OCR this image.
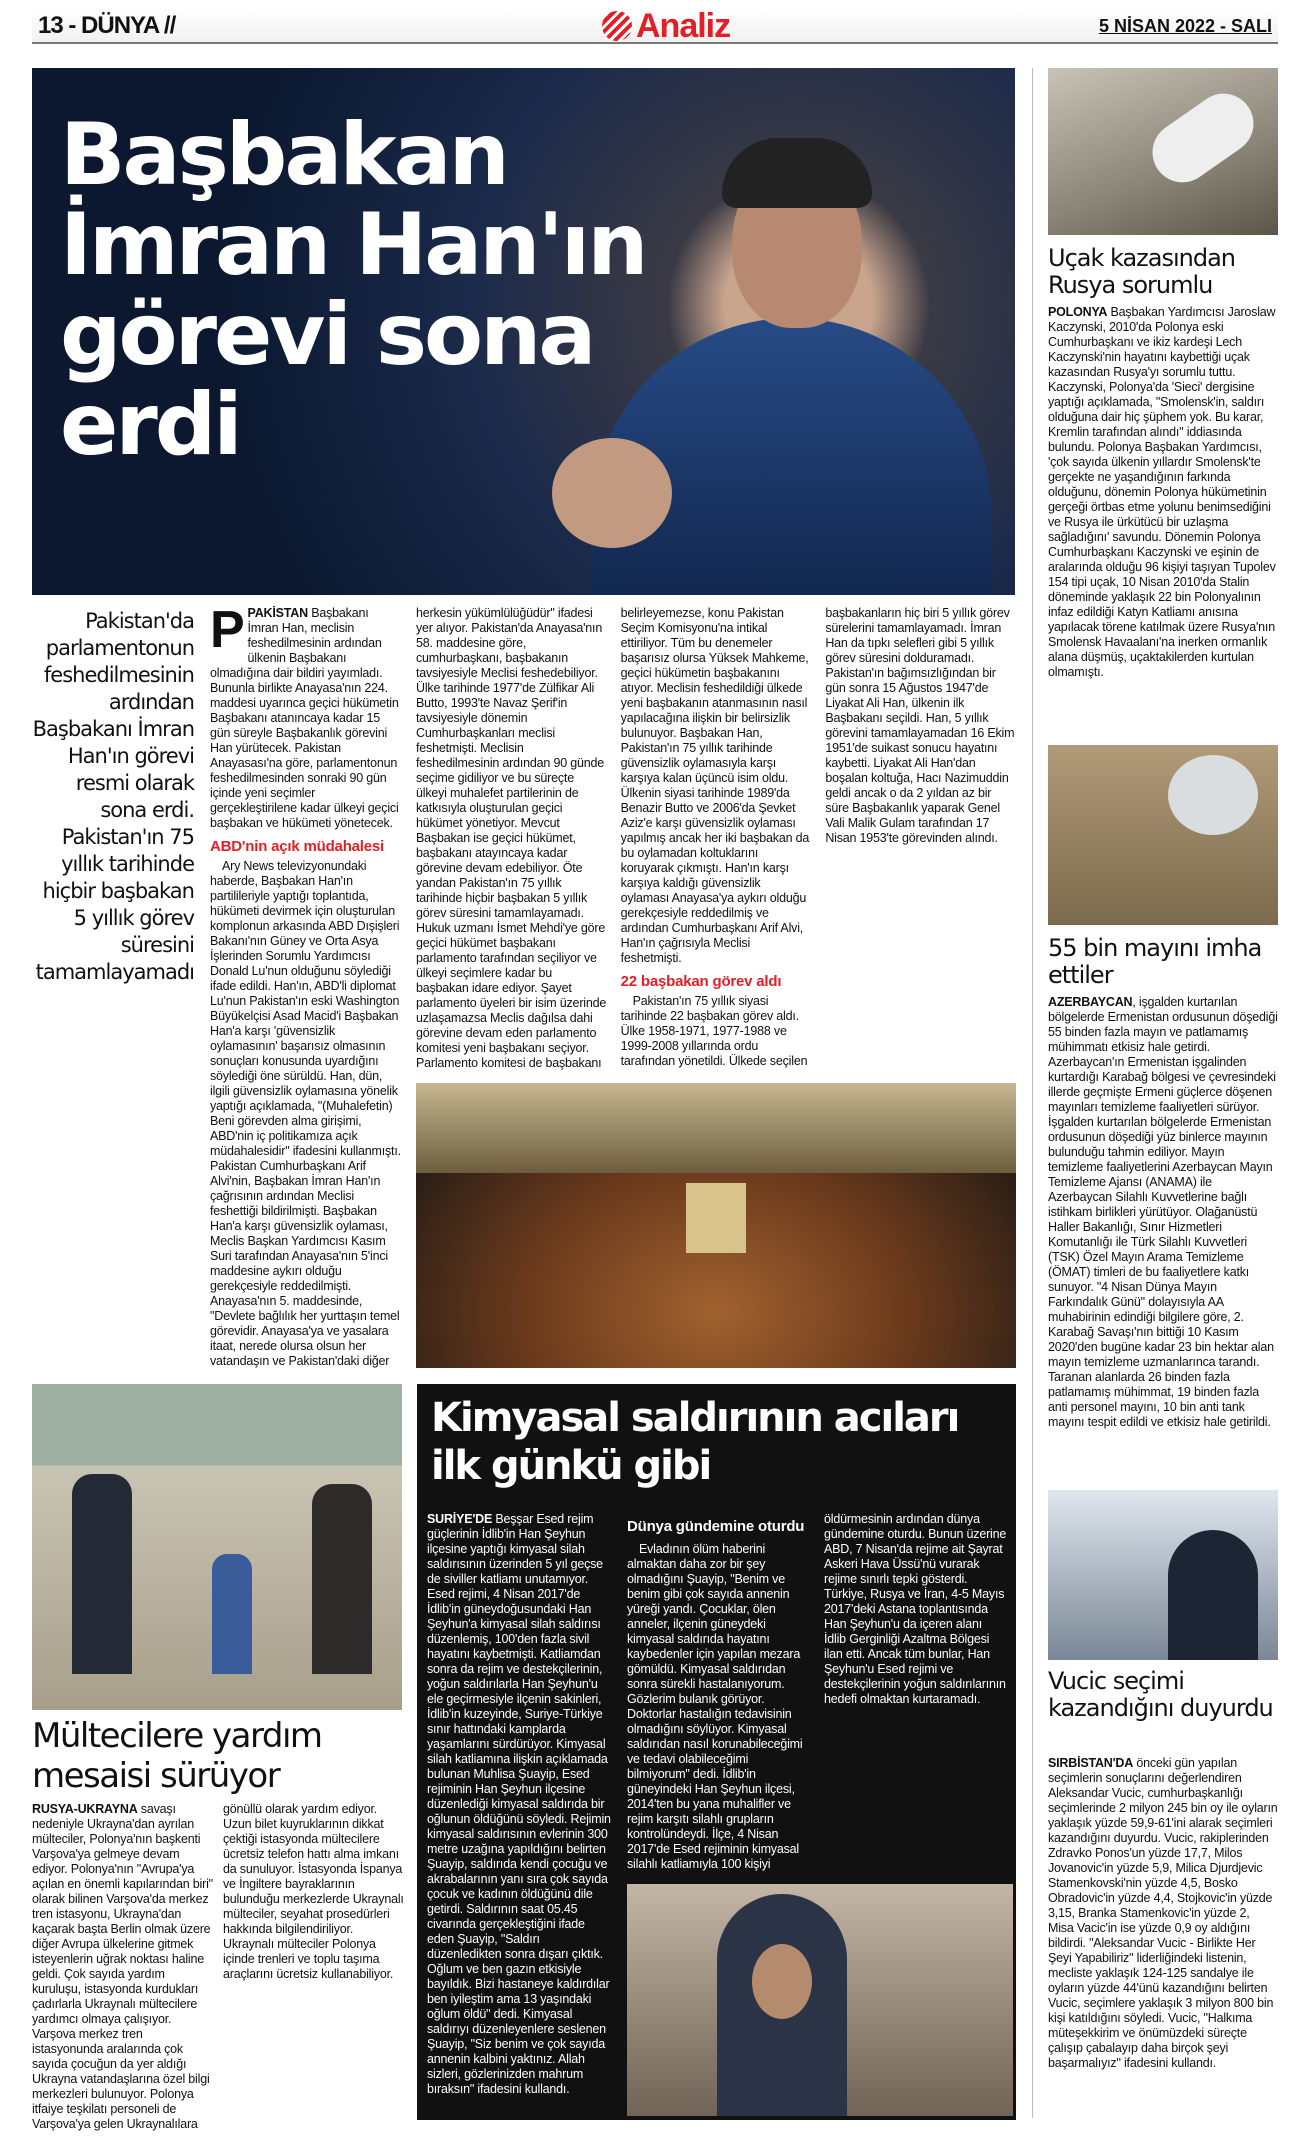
13 - DÜNYA //	Analiz	5 NİSAN 2022 - SALI
Başbakan İmran Han'ın görevi sona erdi
Pakistan'da parlamentonun feshedilmesinin ardından Başbakanı İmran Han'ın görevi resmi olarak sona erdi. Pakistan'ın 75 yıllık tarihinde hiçbir başbakan 5 yıllık görev süresini tamamlayamadı

PPAKİSTAN Başbakanı İmran Han, meclisin feshedilmesinin ardından ülkenin Başbakanı olmadığına dair bildiri yayımladı. Bununla birlikte Anayasa'nın 224. maddesi uyarınca geçici hükümetin Başbakanı atanıncaya kadar 15 gün süreyle Başbakanlık görevini Han yürütecek. Pakistan Anayasası'na göre, parlamentonun feshedilmesinden sonraki 90 gün içinde yeni seçimler gerçekleştirilene kadar ülkeyi geçici başbakan ve hükümeti yönetecek.

ABD'nin açık müdahalesi

Ary News televizyonundaki haberde, Başbakan Han'ın partilileriyle yaptığı toplantıda, hükümeti devirmek için oluşturulan komplonun arkasında ABD Dışişleri Bakanı'nın Güney ve Orta Asya İşlerinden Sorumlu Yardımcısı Donald Lu'nun olduğunu söylediği ifade edildi. Han'ın, ABD'li diplomat Lu'nun Pakistan'ın eski Washington Büyükelçisi Asad Macid'i Başbakan Han'a karşı 'güvensizlik oylamasının' başarısız olmasının sonuçları konusunda uyardığını söylediği öne sürüldü. Han, dün, ilgili güvensizlik oylamasına yönelik yaptığı açıklamada, "(Muhalefetin) Beni görevden alma girişimi, ABD'nin iç politikamıza açık müdahalesidir" ifadesini kullanmıştı. Pakistan Cumhurbaşkanı Arif Alvi'nin, Başbakan İmran Han'ın çağrısının ardından Meclisi feshettiği bildirilmişti. Başbakan Han'a karşı güvensizlik oylaması, Meclis Başkan Yardımcısı Kasım Suri tarafından Anayasa'nın 5'inci maddesine aykırı olduğu gerekçesiyle reddedilmişti. Anayasa'nın 5. maddesinde, "Devlete bağlılık her yurttaşın temel görevidir. Anayasa'ya ve yasalara itaat, nerede olursa olsun her vatandaşın ve Pakistan'daki diğer

herkesin yükümlülüğüdür" ifadesi yer alıyor. Pakistan'da Anayasa'nın 58. maddesine göre, cumhurbaşkanı, başbakanın tavsiyesiyle Meclisi feshedebiliyor. Ülke tarihinde 1977'de Zülfikar Ali Butto, 1993'te Navaz Şerif'in tavsiyesiyle dönemin Cumhurbaşkanları meclisi feshetmişti. Meclisin feshedilmesinin ardından 90 günde seçime gidiliyor ve bu süreçte ülkeyi muhalefet partilerinin de katkısıyla oluşturulan geçici hükümet yönetiyor. Mevcut Başbakan ise geçici hükümet, başbakanı atayıncaya kadar görevine devam edebiliyor. Öte yandan Pakistan'ın 75 yıllık tarihinde hiçbir başbakan 5 yıllık görev süresini tamamlayamadı. Hukuk uzmanı İsmet Mehdi'ye göre geçici hükümet başbakanı parlamento tarafından seçiliyor ve ülkeyi seçimlere kadar bu başbakan idare ediyor. Şayet parlamento üyeleri bir isim üzerinde uzlaşamazsa Meclis dağılsa dahi görevine devam eden parlamento komitesi yeni başbakanı seçiyor. Parlamento komitesi de başbakanı belirleyemezse, konu Pakistan Seçim Komisyonu'na intikal ettiriliyor. Tüm bu denemeler başarısız olursa Yüksek Mahkeme, geçici hükümetin başbakanını atıyor. Meclisin feshedildiği ülkede yeni başbakanın atanmasının nasıl yapılacağına ilişkin bir belirsizlik bulunuyor. Başbakan Han, Pakistan'ın 75 yıllık tarihinde güvensizlik oylamasıyla karşı karşıya kalan üçüncü isim oldu. Ülkenin siyasi tarihinde 1989'da Benazir Butto ve 2006'da Şevket Aziz'e karşı güvensizlik oylaması yapılmış ancak her iki başbakan da bu oylamadan koltuklarını koruyarak çıkmıştı. Han'ın karşı karşıya kaldığı güvensizlik oylaması Anayasa'ya aykırı olduğu gerekçesiyle reddedilmiş ve ardından Cumhurbaşkanı Arif Alvi, Han'ın çağrısıyla Meclisi feshetmişti.

22 başbakan görev aldı

Pakistan'ın 75 yıllık siyasi tarihinde 22 başbakan görev aldı. Ülke 1958-1971, 1977-1988 ve 1999-2008 yıllarında ordu tarafından yönetildi. Ülkede seçilen başbakanların hiç biri 5 yıllık görev sürelerini tamamlayamadı. İmran Han da tıpkı selefleri gibi 5 yıllık görev süresini dolduramadı. Pakistan'ın bağımsızlığından bir gün sonra 15 Ağustos 1947'de Liyakat Ali Han, ülkenin ilk Başbakanı seçildi. Han, 5 yıllık görevini tamamlayamadan 16 Ekim 1951'de suikast sonucu hayatını kaybetti. Liyakat Ali Han'dan boşalan koltuğa, Hacı Nazimuddin geldi ancak o da 2 yıldan az bir süre Başbakanlık yaparak Genel Vali Malik Gulam tarafından 17 Nisan 1953'te görevinden alındı.

Uçak kazasından Rusya sorumlu
POLONYA Başbakan Yardımcısı Jaroslaw Kaczynski, 2010'da Polonya eski Cumhurbaşkanı ve ikiz kardeşi Lech Kaczynski'nin hayatını kaybettiği uçak kazasından Rusya'yı sorumlu tuttu. Kaczynski, Polonya'da 'Sieci' dergisine yaptığı açıklamada, "Smolensk'in, saldırı olduğuna dair hiç şüphem yok. Bu karar, Kremlin tarafından alındı" iddiasında bulundu. Polonya Başbakan Yardımcısı, 'çok sayıda ülkenin yıllardır Smolensk'te gerçekte ne yaşandığının farkında olduğunu, dönemin Polonya hükümetinin gerçeği örtbas etme yolunu benimsediğini ve Rusya ile ürkütücü bir uzlaşma sağladığını' savundu. Dönemin Polonya Cumhurbaşkanı Kaczynski ve eşinin de aralarında olduğu 96 kişiyi taşıyan Tupolev 154 tipi uçak, 10 Nisan 2010'da Stalin döneminde yaklaşık 22 bin Polonyalının infaz edildiği Katyn Katliamı anısına yapılacak törene katılmak üzere Rusya'nın Smolensk Havaalanı'na inerken ormanlık alana düşmüş, uçaktakilerden kurtulan olmamıştı.
55 bin mayını imha ettiler
AZERBAYCAN, işgalden kurtarılan bölgelerde Ermenistan ordusunun döşediği 55 binden fazla mayın ve patlamamış mühimmatı etkisiz hale getirdi. Azerbaycan'ın Ermenistan işgalinden kurtardığı Karabağ bölgesi ve çevresindeki illerde geçmişte Ermeni güçlerce döşenen mayınları temizleme faaliyetleri sürüyor. İşgalden kurtarılan bölgelerde Ermenistan ordusunun döşediği yüz binlerce mayının bulunduğu tahmin ediliyor. Mayın temizleme faaliyetlerini Azerbaycan Mayın Temizleme Ajansı (ANAMA) ile Azerbaycan Silahlı Kuvvetlerine bağlı istihkam birlikleri yürütüyor. Olağanüstü Haller Bakanlığı, Sınır Hizmetleri Komutanlığı ile Türk Silahlı Kuvvetleri (TSK) Özel Mayın Arama Temizleme (ÖMAT) timleri de bu faaliyetlere katkı sunuyor. "4 Nisan Dünya Mayın Farkındalık Günü" dolayısıyla AA muhabirinin edindiği bilgilere göre, 2. Karabağ Savaşı'nın bittiği 10 Kasım 2020'den bugüne kadar 23 bin hektar alan mayın temizleme uzmanlarınca tarandı. Taranan alanlarda 26 binden fazla patlamamış mühimmat, 19 binden fazla anti personel mayını, 10 bin anti tank mayını tespit edildi ve etkisiz hale getirildi.
Vucic seçimi kazandığını duyurdu
SIRBİSTAN'DA önceki gün yapılan seçimlerin sonuçlarını değerlendiren Aleksandar Vucic, cumhurbaşkanlığı seçimlerinde 2 milyon 245 bin oy ile oyların yaklaşık yüzde 59,9-61'ini alarak seçimleri kazandığını duyurdu. Vucic, rakiplerinden Zdravko Ponos'un yüzde 17,7, Milos Jovanovic'in yüzde 5,9, Milica Djurdjevic Stamenkovski'nin yüzde 4,5, Bosko Obradovic'in yüzde 4,4, Stojkovic'in yüzde 3,15, Branka Stamenkovic'in yüzde 2, Misa Vacic'in ise yüzde 0,9 oy aldığını bildirdi. "Aleksandar Vucic - Birlikte Her Şeyi Yapabiliriz" liderliğindeki listenin, mecliste yaklaşık 124-125 sandalye ile oyların yüzde 44'ünü kazandığını belirten Vucic, seçimlere yaklaşık 3 milyon 800 bin kişi katıldığını söyledi. Vucic, "Halkıma müteşekkirim ve önümüzdeki süreçte çalışıp çabalayıp daha birçok şeyi başarmalıyız" ifadesini kullandı.
Mültecilere yardım mesaisi sürüyor
RUSYA-UKRAYNA savaşı nedeniyle Ukrayna'dan ayrılan mülteciler, Polonya'nın başkenti Varşova'ya gelmeye devam ediyor. Polonya'nın "Avrupa'ya açılan en önemli kapılarından biri" olarak bilinen Varşova'da merkez tren istasyonu, Ukrayna'dan kaçarak başta Berlin olmak üzere diğer Avrupa ülkelerine gitmek isteyenlerin uğrak noktası haline geldi. Çok sayıda yardım kuruluşu, istasyonda kurdukları çadırlarla Ukraynalı mültecilere yardımcı olmaya çalışıyor. Varşova merkez tren istasyonunda aralarında çok sayıda çocuğun da yer aldığı Ukrayna vatandaşlarına özel bilgi merkezleri bulunuyor. Polonya itfaiye teşkilatı personeli de Varşova'ya gelen Ukraynalılara gönüllü olarak yardım ediyor. Uzun bilet kuyruklarının dikkat çektiği istasyonda mültecilere ücretsiz telefon hattı alma imkanı da sunuluyor. İstasyonda İspanya ve İngiltere bayraklarının bulunduğu merkezlerde Ukraynalı mülteciler, seyahat prosedürleri hakkında bilgilendiriliyor. Ukraynalı mülteciler Polonya içinde trenleri ve toplu taşıma araçlarını ücretsiz kullanabiliyor.
Kimyasal saldırının acıları ilk günkü gibi

SURİYE'DE Beşşar Esed rejim güçlerinin İdlib'in Han Şeyhun ilçesine yaptığı kimyasal silah saldırısının üzerinden 5 yıl geçse de siviller katliamı unutamıyor. Esed rejimi, 4 Nisan 2017'de İdlib'in güneydoğusundaki Han Şeyhun'a kimyasal silah saldırısı düzenlemiş, 100'den fazla sivil hayatını kaybetmişti. Katliamdan sonra da rejim ve destekçilerinin, yoğun saldırılarla Han Şeyhun'u ele geçirmesiyle ilçenin sakinleri, İdlib'in kuzeyinde, Suriye-Türkiye sınır hattındaki kamplarda yaşamlarını sürdürüyor. Kimyasal silah katliamına ilişkin açıklamada bulunan Muhlisa Şuayip, Esed rejiminin Han Şeyhun ilçesine düzenlediği kimyasal saldırıda bir oğlunun öldüğünü söyledi. Rejimin kimyasal saldırısının evlerinin 300 metre uzağına yapıldığını belirten Şuayip, saldırıda kendi çocuğu ve akrabalarının yanı sıra çok sayıda çocuk ve kadının öldüğünü dile getirdi. Saldırının saat 05.45 civarında gerçekleştiğini ifade eden Şuayip, "Saldırı düzenledikten sonra dışarı çıktık. Oğlum ve ben gazın etkisiyle bayıldık. Bizi hastaneye kaldırdılar ben iyileştim ama 13 yaşındaki oğlum öldü" dedi. Kimyasal saldırıyı düzenleyenlere seslenen Şuayip, "Siz benim ve çok sayıda annenin kalbini yaktınız. Allah sizleri, gözlerinizden mahrum bıraksın" ifadesini kullandı.

Dünya gündemine oturdu

Evladının ölüm haberini almaktan daha zor bir şey olmadığını Şuayip, "Benim ve benim gibi çok sayıda annenin yüreği yandı. Çocuklar, ölen anneler, ilçenin güneydeki kimyasal saldırıda hayatını kaybedenler için yapılan mezara gömüldü. Kimyasal saldırıdan sonra sürekli hastalanıyorum. Gözlerim bulanık görüyor. Doktorlar hastalığın tedavisinin olmadığını söylüyor. Kimyasal saldırıdan nasıl korunabileceğimi ve tedavi olabileceğimi bilmiyorum" dedi. İdlib'in güneyindeki Han Şeyhun ilçesi, 2014'ten bu yana muhalifler ve rejim karşıtı silahlı grupların kontrolündeydi. İlçe, 4 Nisan 2017'de Esed rejiminin kimyasal silahlı katliamıyla 100 kişiyi öldürmesinin ardından dünya gündemine oturdu. Bunun üzerine ABD, 7 Nisan'da rejime ait Şayrat Askeri Hava Üssü'nü vurarak rejime sınırlı tepki gösterdi. Türkiye, Rusya ve İran, 4-5 Mayıs 2017'deki Astana toplantısında Han Şeyhun'u da içeren alanı İdlib Gerginliği Azaltma Bölgesi ilan etti. Ancak tüm bunlar, Han Şeyhun'u Esed rejimi ve destekçilerinin yoğun saldırılarının hedefi olmaktan kurtaramadı.
